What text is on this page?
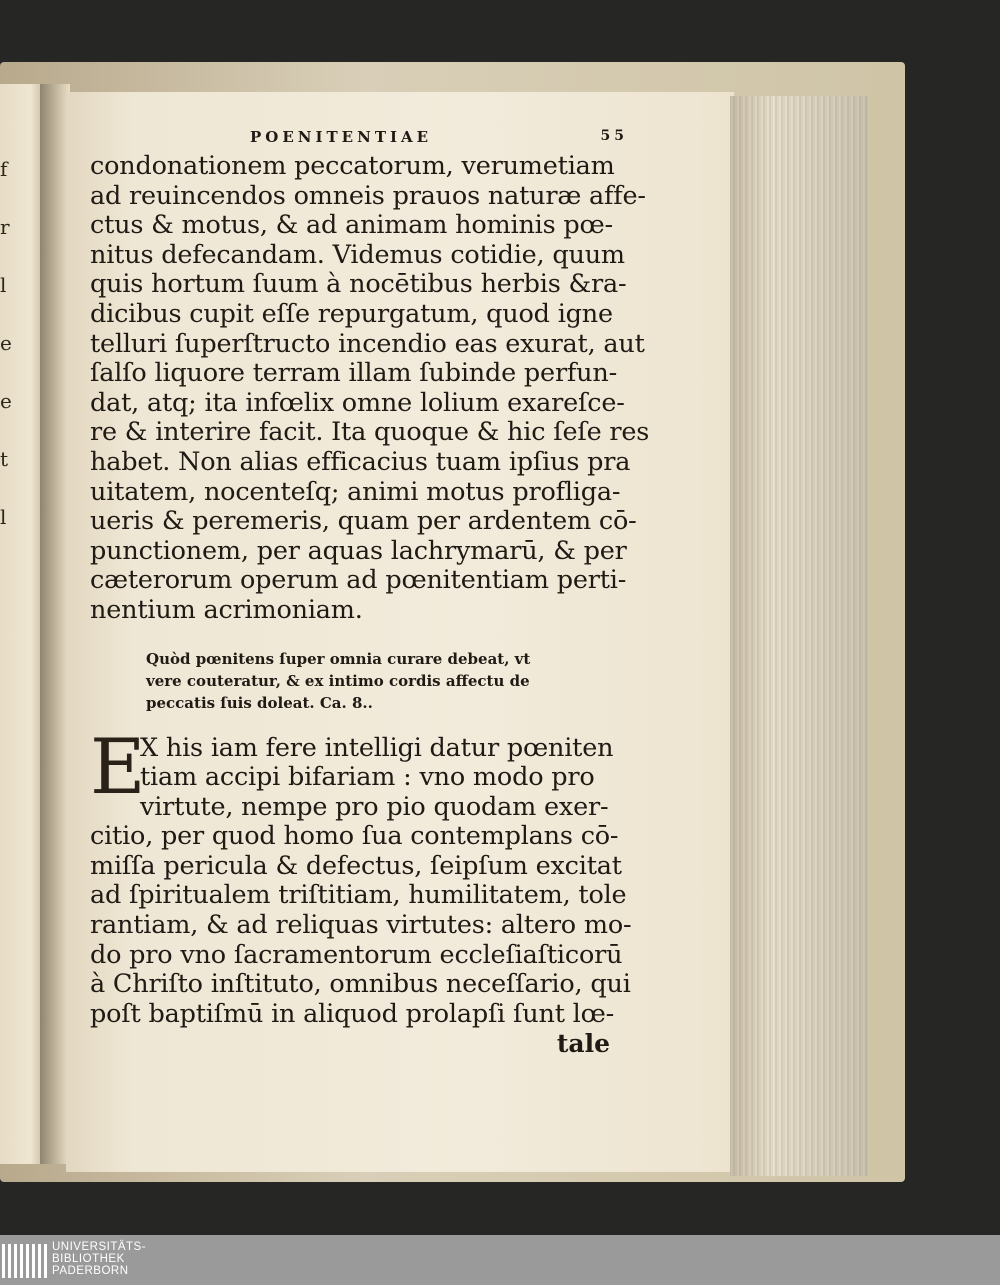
f
r
l
e
e
t
l
POENITENTIAE	55
condonationem peccatorum, verumetiam
ad reuincendos omneis prauos naturæ affe-
ctus & motus, & ad animam hominis pœ-
nitus defecandam. Videmus cotidie, quum
quis hortum ſuum à nocētibus herbis &ra-
dicibus cupit eſſe repurgatum, quod igne
telluri ſuperſtructo incendio eas exurat, aut
ſalſo liquore terram illam ſubinde perfun-
dat, atq; ita infœlix omne lolium exareſce-
re & interire facit. Ita quoque & hic ſeſe res
habet. Non alias efficacius tuam ipſius pra
uitatem, nocenteſq; animi motus profliga-
ueris & peremeris, quam per ardentem cō-
punctionem, per aquas lachrymarū, & per
cæterorum operum ad pœnitentiam perti-
nentium acrimoniam.
Quòd pœnitens ſuper omnia curare debeat, vt
vere couteratur, & ex intimo cordis affectu de
peccatis ſuis doleat. Ca. 8..
E
X his iam fere intelligi datur pœniten
tiam accipi bifariam : vno modo pro
virtute, nempe pro pio quodam exer-
citio, per quod homo ſua contemplans cō-
miſſa pericula & defectus, ſeipſum excitat
ad ſpiritualem triſtitiam, humilitatem, tole
rantiam, & ad reliquas virtutes: altero mo-
do pro vno ſacramentorum eccleſiaſticorū
à Chriſto inſtituto, omnibus neceſſario, qui
poſt baptiſmū in aliquod prolapſi ſunt lœ-
tale
UNIVERSITÄTS-
BIBLIOTHEK
PADERBORN
